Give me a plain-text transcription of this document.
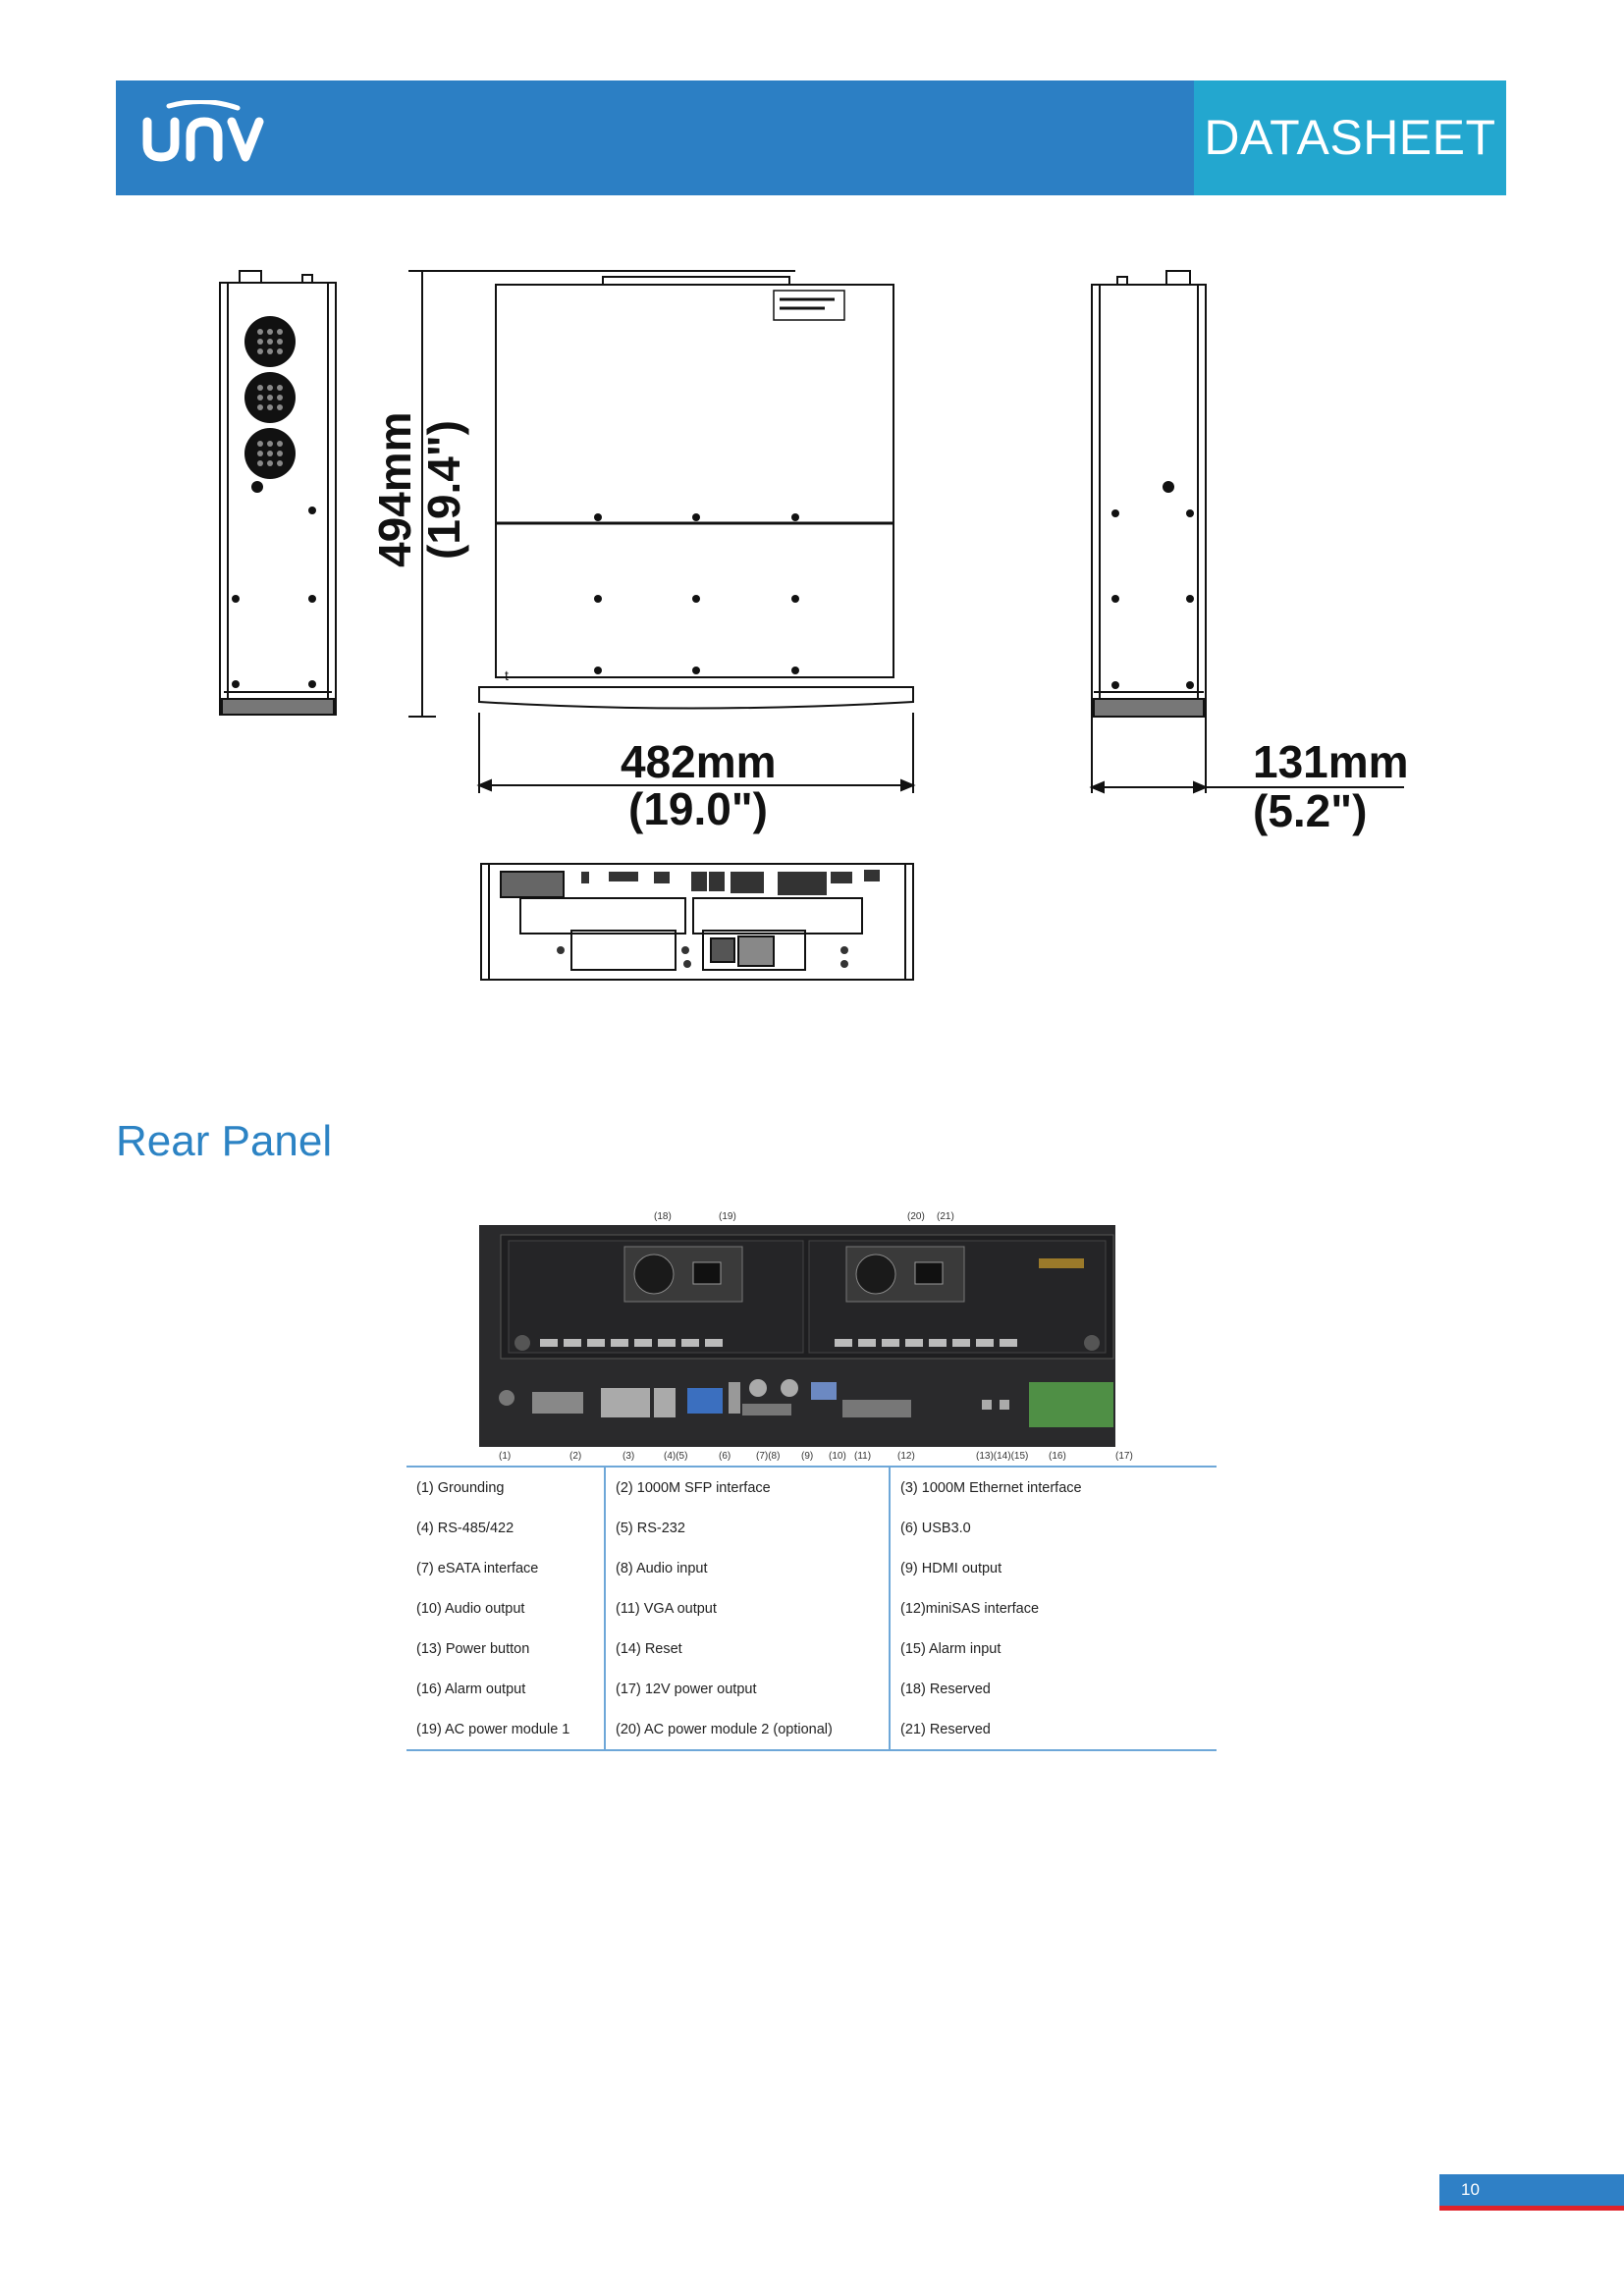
DATASHEET
t
494mm
(19.4")
482mm
(19.0")
131mm
(5.2")
Rear Panel
(18)	(19)	(20) (21)
(1)	(2)	(3)	(4)(5)	(6)	(7)(8) (9) (10) (11)	(12)	(13)(14)(15) (16)	(17)
(1) Grounding	(2) 1000M SFP interface	(3) 1000M Ethernet interface
(4) RS-485/422	(5) RS-232	(6) USB3.0
(7) eSATA interface	(8) Audio input	(9) HDMI output
(10) Audio output	(11) VGA output	(12)miniSAS interface
(13) Power button	(14) Reset	(15) Alarm input
(16) Alarm output	(17) 12V power output	(18) Reserved
(19) AC power module 1	(20) AC power module 2 (optional)	(21) Reserved
10
